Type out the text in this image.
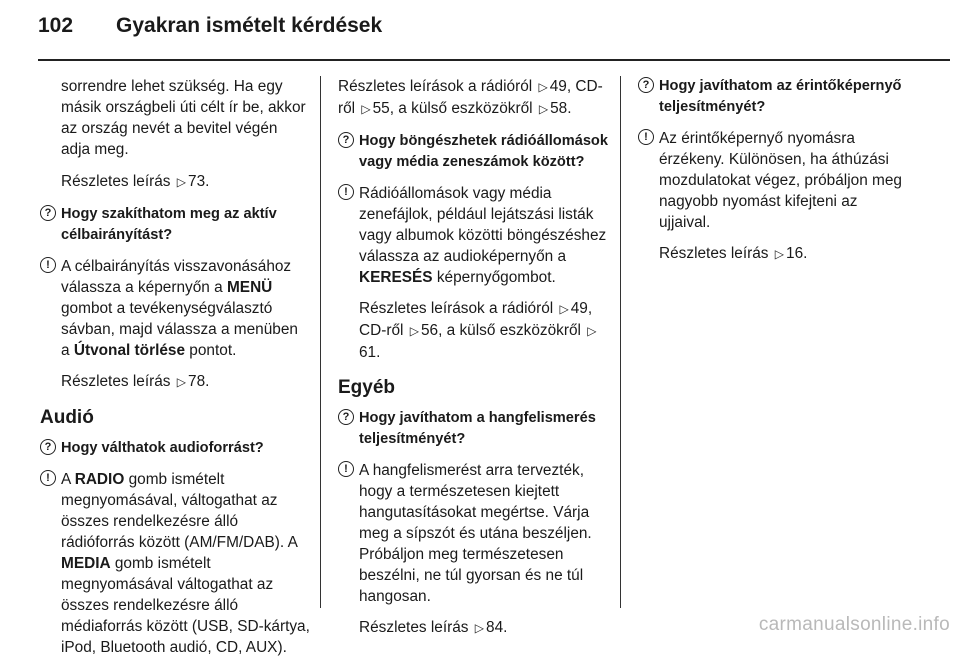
102 Gyakran ismételt kérdések

sorrendre lehet szükség. Ha egy másik országbeli úti célt ír be, akkor az ország nevét a bevitel végén adja meg.

Részletes leírás ▷ 73.

? Hogy szakíthatom meg az aktív célbairányítást?

! A célbairányítás visszavonásához válassza a képernyőn a MENÜ gombot a tevékenységválasztó sávban, majd válassza a menüben a Útvonal törlése pontot.

Részletes leírás ▷ 78.

Audió
? Hogy válthatok audioforrást?

! A RADIO gomb ismételt megnyomásával, váltogathat az összes rendelkezésre álló rádióforrás között (AM/FM/DAB). A MEDIA gomb ismételt megnyomásával váltogathat az összes rendelkezésre álló médiaforrás között (USB, SD-kártya, iPod, Bluetooth audió, CD, AUX).

Részletes leírások a rádióról ▷ 49, CD-ről ▷ 55, a külső eszközökről ▷ 58.

? Hogy böngészhetek rádióállomások vagy média zeneszámok között?

! Rádióállomások vagy média zenefájlok, például lejátszási listák vagy albumok közötti böngészéshez válassza az audioképernyőn a KERESÉS képernyőgombot.

Részletes leírások a rádióról ▷ 49, CD-ről ▷ 56, a külső eszközökről ▷61.

Egyéb
? Hogy javíthatom a hangfelismerés teljesítményét?

! A hangfelismerést arra tervezték, hogy a természetesen kiejtett hangutasításokat megértse. Várja meg a sípszót és utána beszéljen. Próbáljon meg természetesen beszélni, ne túl gyorsan és ne túl hangosan.

Részletes leírás ▷ 84.

? Hogy javíthatom az érintőképernyő teljesítményét?

! Az érintőképernyő nyomásra érzékeny. Különösen, ha áthúzási mozdulatokat végez, próbáljon meg nagyobb nyomást kifejteni az ujjaival.

Részletes leírás ▷ 16.

carmanualsonline.info
